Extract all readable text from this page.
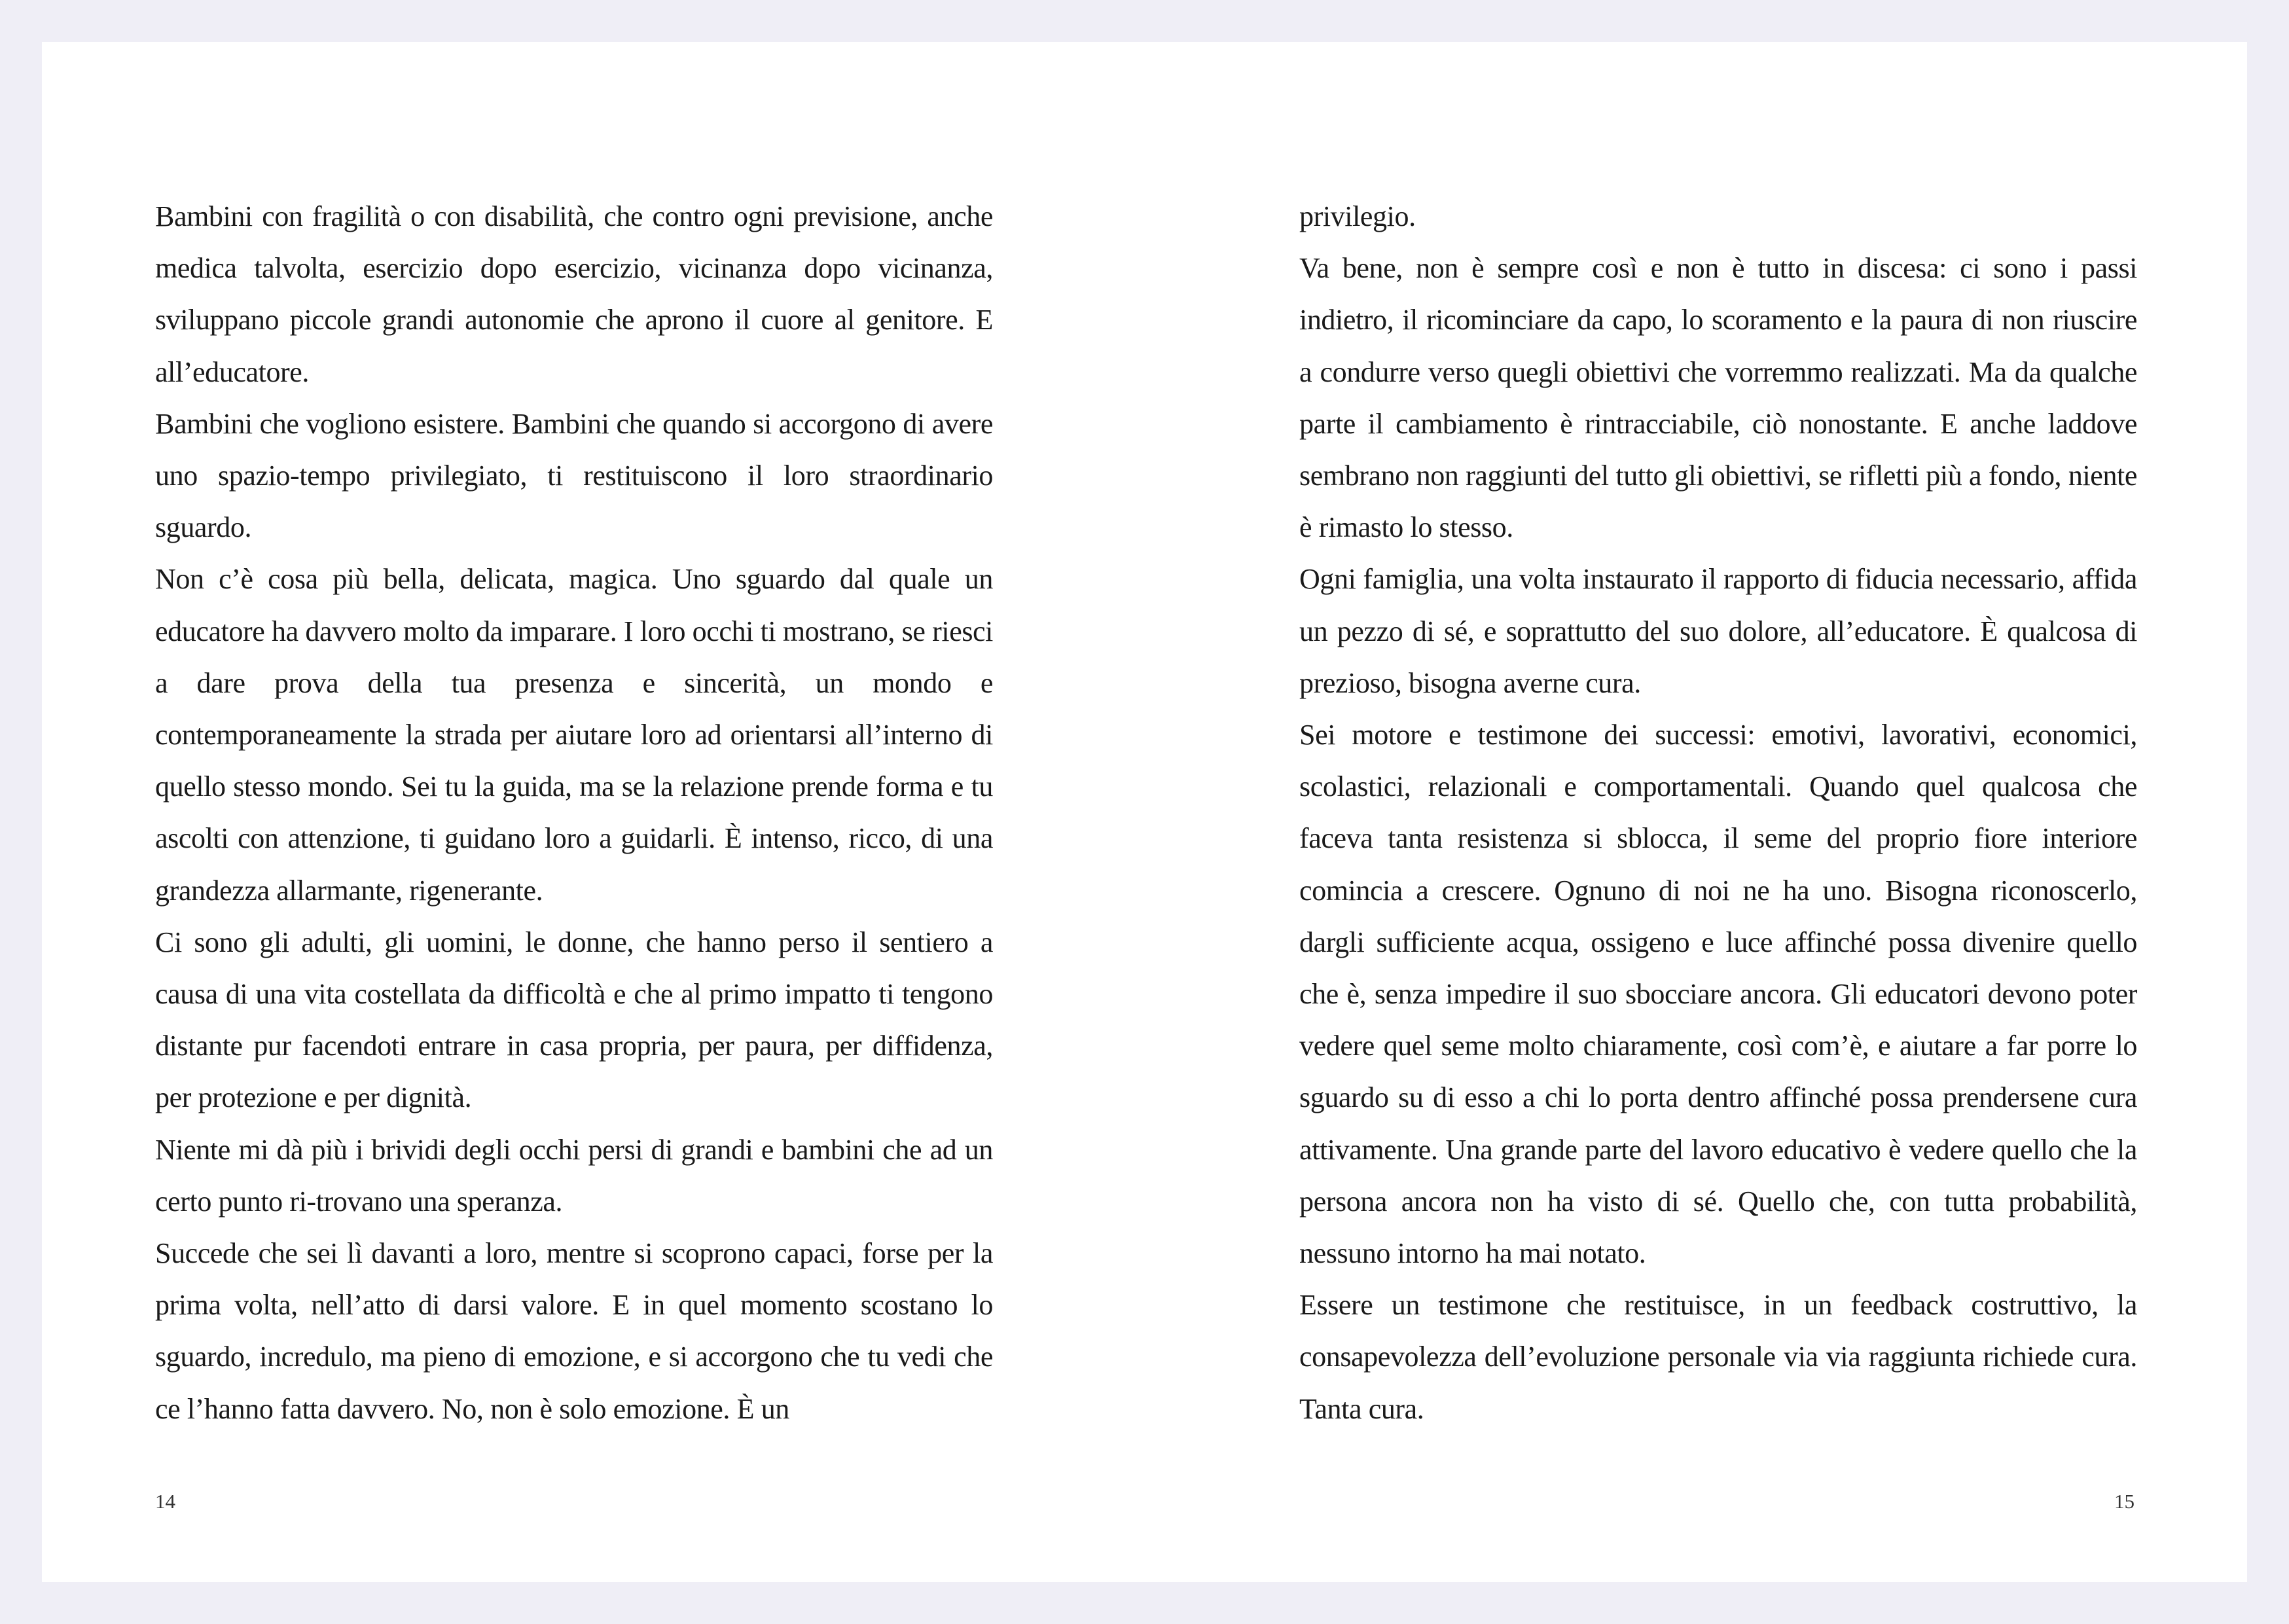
Bambini con fragilità o con disabilità, che contro ogni previsione, anche medica talvolta, esercizio dopo esercizio, vicinanza dopo vicinanza, sviluppano piccole grandi autonomie che aprono il cuore al genitore. E all’educatore.

Bambini che vogliono esistere. Bambini che quando si accorgono di avere uno spazio-tempo privilegiato, ti restituiscono il loro straordinario sguardo.

Non c’è cosa più bella, delicata, magica. Uno sguardo dal quale un educatore ha davvero molto da imparare. I loro occhi ti mostrano, se riesci a dare prova della tua presenza e sincerità, un mondo e contemporaneamente la strada per aiutare loro ad orientarsi all’interno di quello stesso mondo. Sei tu la guida, ma se la relazione prende forma e tu ascolti con attenzione, ti guidano loro a guidarli. È intenso, ricco, di una grandezza allarmante, rigenerante.

Ci sono gli adulti, gli uomini, le donne, che hanno perso il sentiero a causa di una vita costellata da difficoltà e che al primo impatto ti tengono distante pur facendoti entrare in casa propria, per paura, per diffidenza, per protezione e per dignità.

Niente mi dà più i brividi degli occhi persi di grandi e bambini che ad un certo punto ri-trovano una speranza.

Succede che sei lì davanti a loro, mentre si scoprono capaci, forse per la prima volta, nell’atto di darsi valore. E in quel momento scostano lo sguardo, incredulo, ma pieno di emozione, e si accorgono che tu vedi che ce l’hanno fatta davvero. No, non è solo emozione. È un

privilegio.

Va bene, non è sempre così e non è tutto in discesa: ci sono i passi indietro, il ricominciare da capo, lo scoramento e la paura di non riuscire a condurre verso quegli obiettivi che vorremmo realizzati. Ma da qualche parte il cambiamento è rintracciabile, ciò nonostante. E anche laddove sembrano non raggiunti del tutto gli obiettivi, se rifletti più a fondo, niente è rimasto lo stesso.

Ogni famiglia, una volta instaurato il rapporto di fiducia necessario, affida un pezzo di sé, e soprattutto del suo dolore, all’educatore. È qualcosa di prezioso, bisogna averne cura.

Sei motore e testimone dei successi: emotivi, lavorativi, economici, scolastici, relazionali e comportamentali. Quando quel qualcosa che faceva tanta resistenza si sblocca, il seme del proprio fiore interiore comincia a crescere. Ognuno di noi ne ha uno. Bisogna riconoscerlo, dargli sufficiente acqua, ossigeno e luce affinché possa divenire quello che è, senza impedire il suo sbocciare ancora. Gli educatori devono poter vedere quel seme molto chiaramente, così com’è, e aiutare a far porre lo sguardo su di esso a chi lo porta dentro affinché possa prendersene cura attivamente. Una grande parte del lavoro educativo è vedere quello che la persona ancora non ha visto di sé. Quello che, con tutta probabilità, nessuno intorno ha mai notato.

Essere un testimone che restituisce, in un feedback costruttivo, la consapevolezza dell’evoluzione personale via via raggiunta richiede cura. Tanta cura.

14	15
